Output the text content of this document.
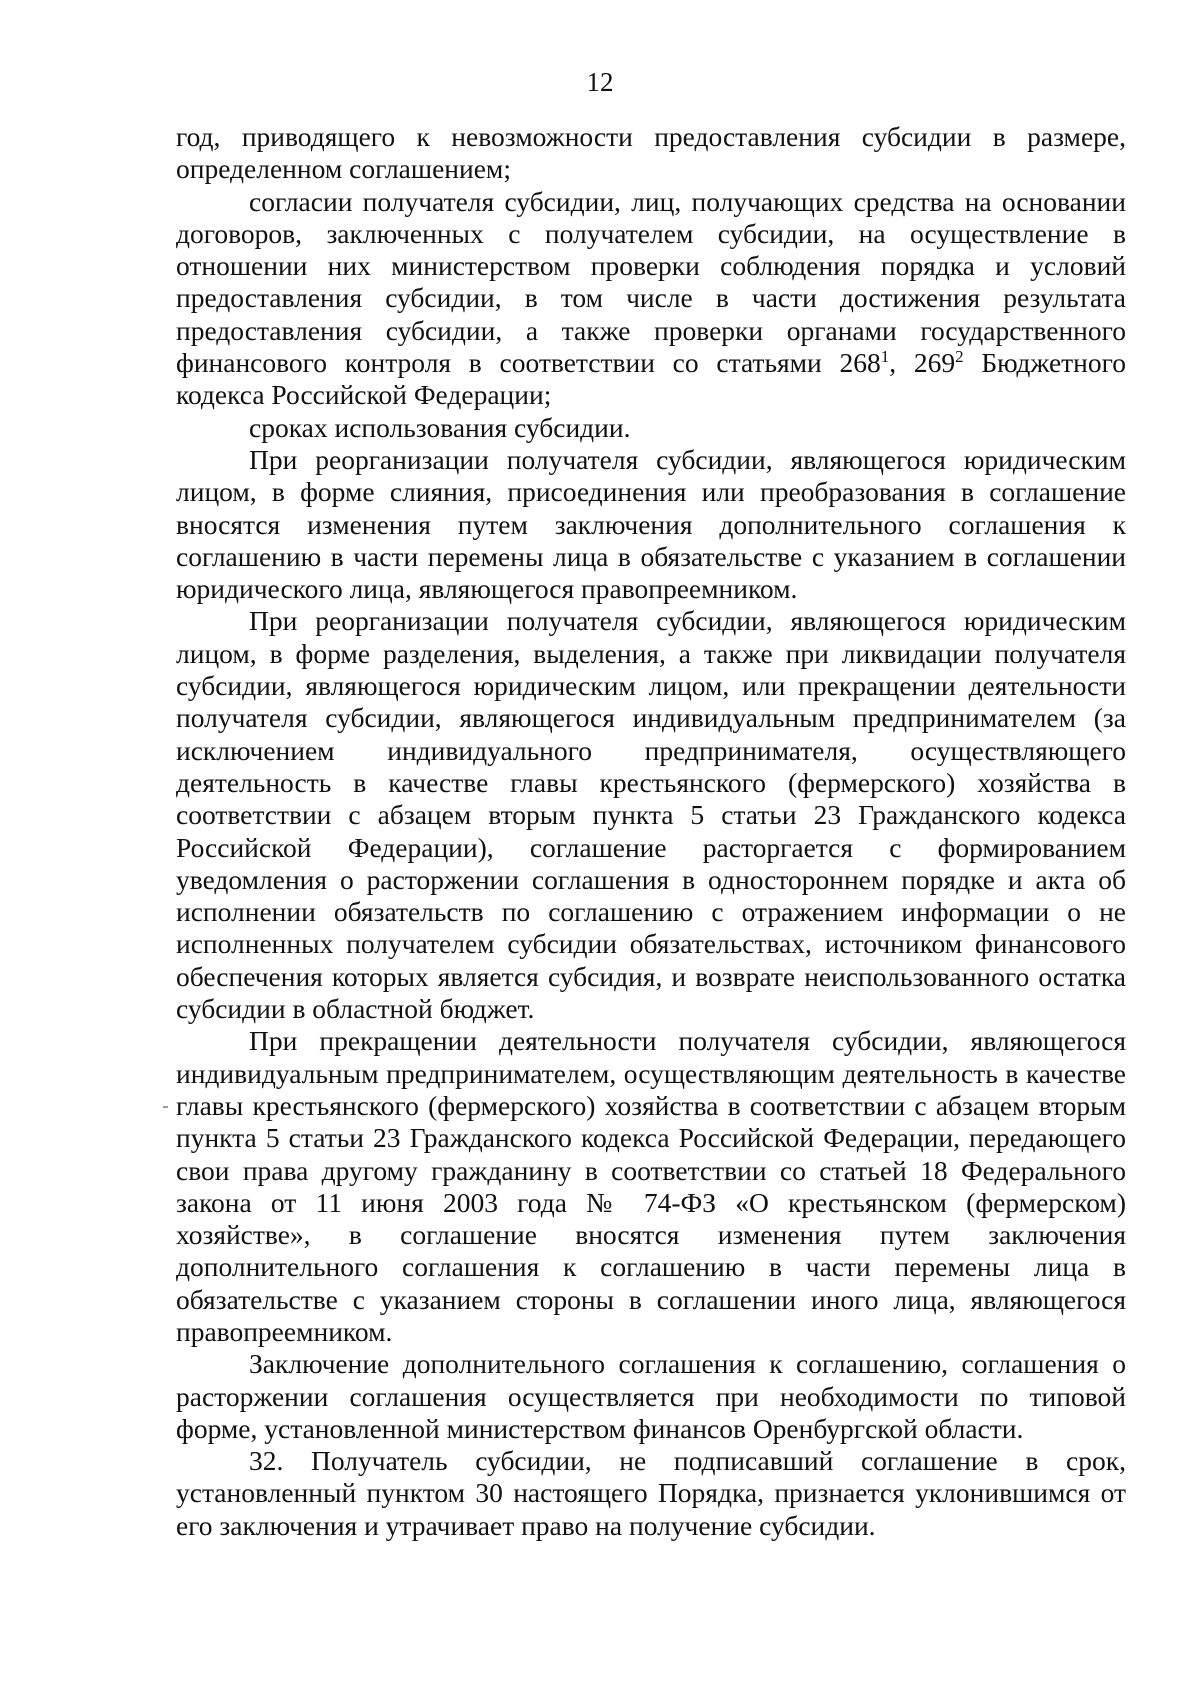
12

год, приводящего к невозможности предоставления субсидии в размере, определенном соглашением;

согласии получателя субсидии, лиц, получающих средства на основании договоров, заключенных с получателем субсидии, на осуществление в отношении них министерством проверки соблюдения порядка и условий предоставления субсидии, в том числе в части достижения результата предоставления субсидии, а также проверки органами государственного финансового контроля в соответствии со статьями $268^1$, $269^2$ Бюджетного кодекса Российской Федерации;

сроках использования субсидии.

При реорганизации получателя субсидии, являющегося юридическим лицом, в форме слияния, присоединения или преобразования в соглашение вносятся изменения путем заключения дополнительного соглашения к соглашению в части перемены лица в обязательстве с указанием в соглашении юридического лица, являющегося правопреемником.

При реорганизации получателя субсидии, являющегося юридическим лицом, в форме разделения, выделения, а также при ликвидации получателя субсидии, являющегося юридическим лицом, или прекращении деятельности получателя субсидии, являющегося индивидуальным предпринимателем (за исключением индивидуального предпринимателя, осуществляющего деятельность в качестве главы крестьянского (фермерского) хозяйства в соответствии с абзацем вторым пункта 5 статьи 23 Гражданского кодекса Российской Федерации), соглашение расторгается с формированием уведомления о расторжении соглашения в одностороннем порядке и акта об исполнении обязательств по соглашению с отражением информации о не исполненных получателем субсидии обязательствах, источником финансового обеспечения которых является субсидия, и возврате неиспользованного остатка субсидии в областной бюджет.

При прекращении деятельности получателя субсидии, являющегося индивидуальным предпринимателем, осуществляющим деятельность в качестве главы крестьянского (фермерского) хозяйства в соответствии с абзацем вторым пункта 5 статьи 23 Гражданского кодекса Российской Федерации, передающего свои права другому гражданину в соответствии со статьей 18 Федерального закона от 11 июня 2003 года № 74-ФЗ «О крестьянском (фермерском) хозяйстве», в соглашение вносятся изменения путем заключения дополнительного соглашения к соглашению в части перемены лица в обязательстве с указанием стороны в соглашении иного лица, являющегося правопреемником.

Заключение дополнительного соглашения к соглашению, соглашения о расторжении соглашения осуществляется при необходимости по типовой форме, установленной министерством финансов Оренбургской области.

32. Получатель субсидии, не подписавший соглашение в срок, установленный пунктом 30 настоящего Порядка, признается уклонившимся от его заключения и утрачивает право на получение субсидии.
